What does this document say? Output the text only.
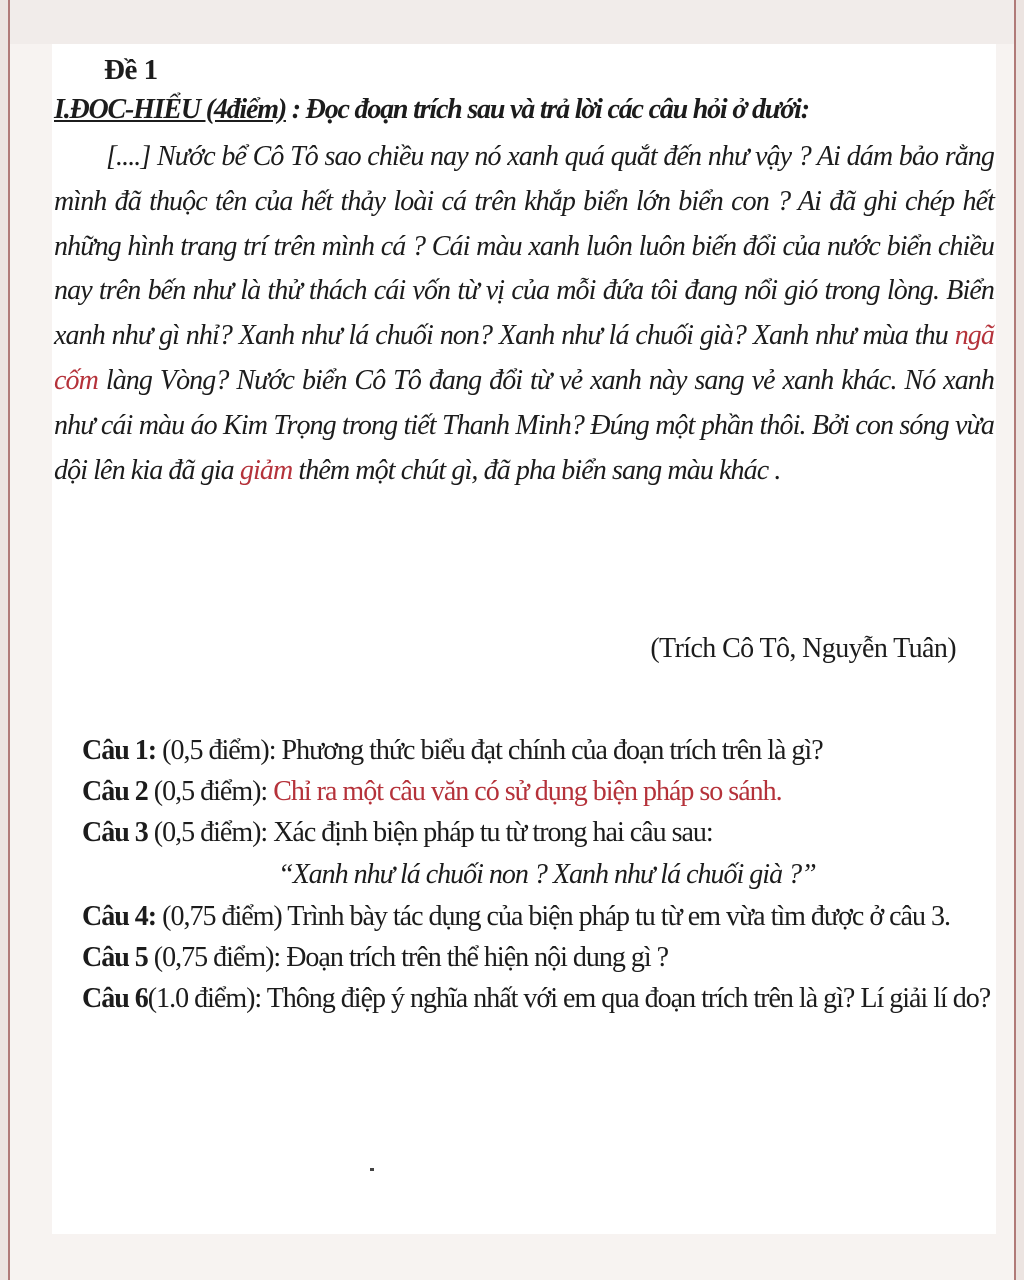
Đề 1
I.ĐOC-HIỂU (4điểm) : Đọc đoạn trích sau và trả lời các câu hỏi ở dưới:

[....] Nước bể Cô Tô sao chiều nay nó xanh quá quắt đến như vậy ? Ai dám bảo rằng mình đã thuộc tên của hết thảy loài cá trên khắp biển lớn biển con ? Ai đã ghi chép hết những hình trang trí trên mình cá ? Cái màu xanh luôn luôn biến đổi của nước biển chiều nay trên bến như là thử thách cái vốn từ vị của mỗi đứa tôi đang nổi gió trong lòng. Biển xanh như gì nhỉ? Xanh như lá chuối non? Xanh như lá chuối già? Xanh như mùa thu ngã cốm làng Vòng? Nước biển Cô Tô đang đổi từ vẻ xanh này sang vẻ xanh khác. Nó xanh như cái màu áo Kim Trọng trong tiết Thanh Minh? Đúng một phần thôi. Bởi con sóng vừa dội lên kia đã gia giảm thêm một chút gì, đã pha biển sang màu khác .

(Trích Cô Tô, Nguyễn Tuân)

Câu 1: (0,5 điểm): Phương thức biểu đạt chính của đoạn trích trên là gì?

Câu 2 (0,5 điểm): Chỉ ra một câu văn có sử dụng biện pháp so sánh.

Câu 3 (0,5 điểm): Xác định biện pháp tu từ trong hai câu sau:

“Xanh như lá chuối non ? Xanh như lá chuối già ?”

Câu 4: (0,75 điểm) Trình bày tác dụng của biện pháp tu từ em vừa tìm được ở câu 3.

Câu 5 (0,75 điểm): Đoạn trích trên thể hiện nội dung gì ?

Câu 6(1.0 điểm): Thông điệp ý nghĩa nhất với em qua đoạn trích trên là gì? Lí giải lí do?
